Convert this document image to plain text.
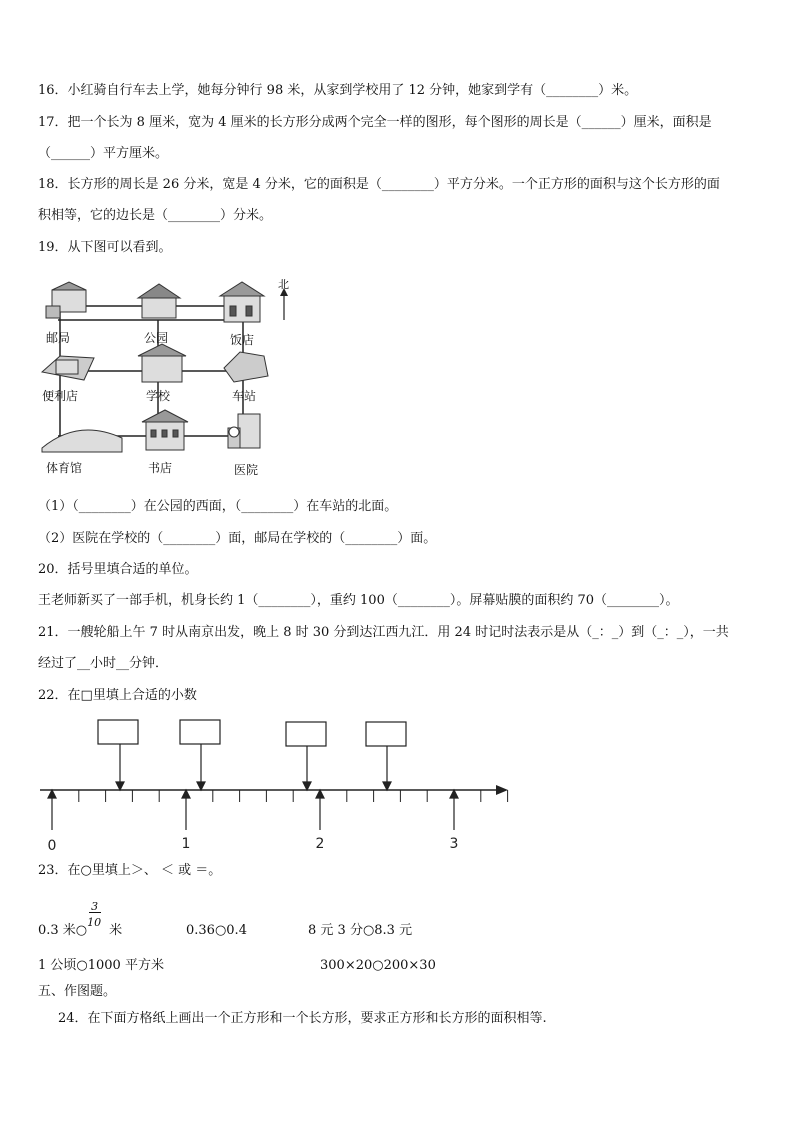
16．小红骑自行车去上学，她每分钟行 98 米，从家到学校用了 12 分钟，她家到学有（________）米。
17．把一个长为 8 厘米，宽为 4 厘米的长方形分成两个完全一样的图形，每个图形的周长是（______）厘米，面积是
（______）平方厘米。
18．长方形的周长是 26 分米，宽是 4 分米，它的面积是（________）平方分米。一个正方形的面积与这个长方形的面
积相等，它的边长是（________）分米。
19．从下图可以看到。
北
邮局	公园	饭店
便利店	学校	车站
体育馆	书店	医院
（1）（________）在公园的西面，（________）在车站的北面。
（2）医院在学校的（________）面，邮局在学校的（________）面。
20．括号里填合适的单位。
王老师新买了一部手机，机身长约 1（________），重约 100（________）。屏幕贴膜的面积约 70（________）。
21．一艘轮船上午 7 时从南京出发，晚上 8 时 30 分到达江西九江．用 24 时记时法表示是从（_：_）到（_：_），一共
经过了__小时__分钟．
22．在□里填上合适的小数
0	1	2	3
23．在○里填上＞、 ＜ 或 ＝。
0.3 米○ $\frac{3}{10}$ 米	0.36○0.4	8 元 3 分○8.3 元
1 公顷○1000 平方米	300×20○200×30
五、作图题。
24．在下面方格纸上画出一个正方形和一个长方形，要求正方形和长方形的面积相等.
